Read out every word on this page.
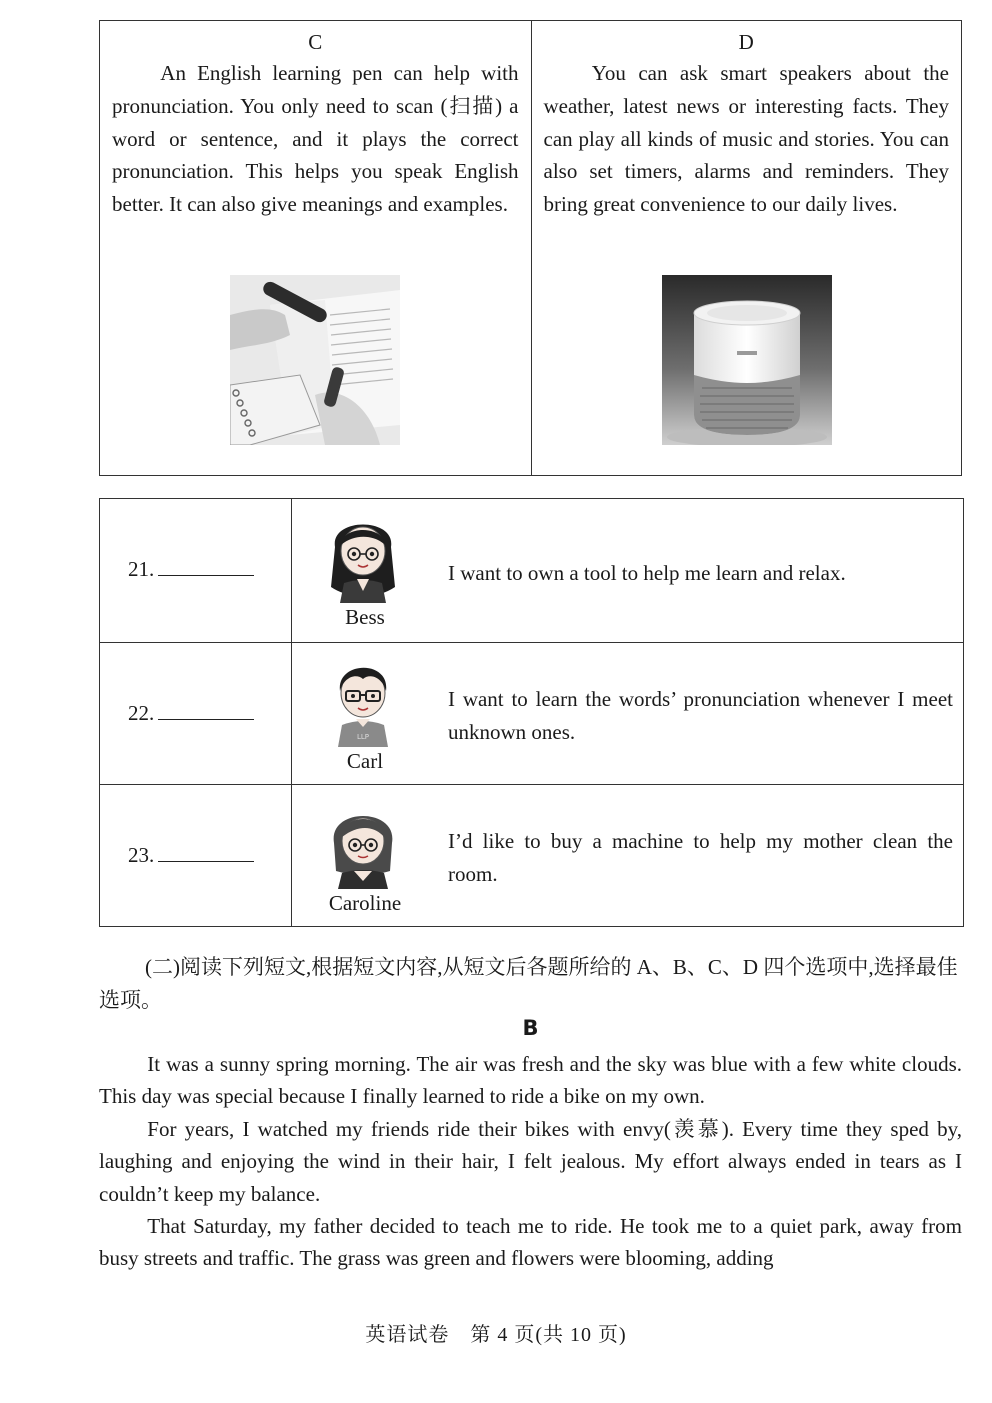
C

An English learning pen can help with pronunciation. You only need to scan (扫描) a word or sentence, and it plays the correct pronunciation. This helps you speak English better. It can also give meanings and examples.

D

You can ask smart speakers about the weather, latest news or interesting facts. They can play all kinds of music and stories. You can also set timers, alarms and reminders. They bring great convenience to our daily lives.

21.
Bess
I want to own a tool to help me learn and relax.
22.
LLP
Carl
I want to learn the words’ pronunciation whenever I meet unknown ones.
23.
Caroline
I’d like to buy a machine to help my mother clean the room.
(二)阅读下列短文,根据短文内容,从短文后各题所给的 A、B、C、D 四个选项中,选择最佳选项。
B

It was a sunny spring morning. The air was fresh and the sky was blue with a few white clouds. This day was special because I finally learned to ride a bike on my own.

For years, I watched my friends ride their bikes with envy(羡慕). Every time they sped by, laughing and enjoying the wind in their hair, I felt jealous. My effort always ended in tears as I couldn’t keep my balance.

That Saturday, my father decided to teach me to ride. He took me to a quiet park, away from busy streets and traffic. The grass was green and flowers were blooming, adding

英语试卷　第 4 页(共 10 页)
